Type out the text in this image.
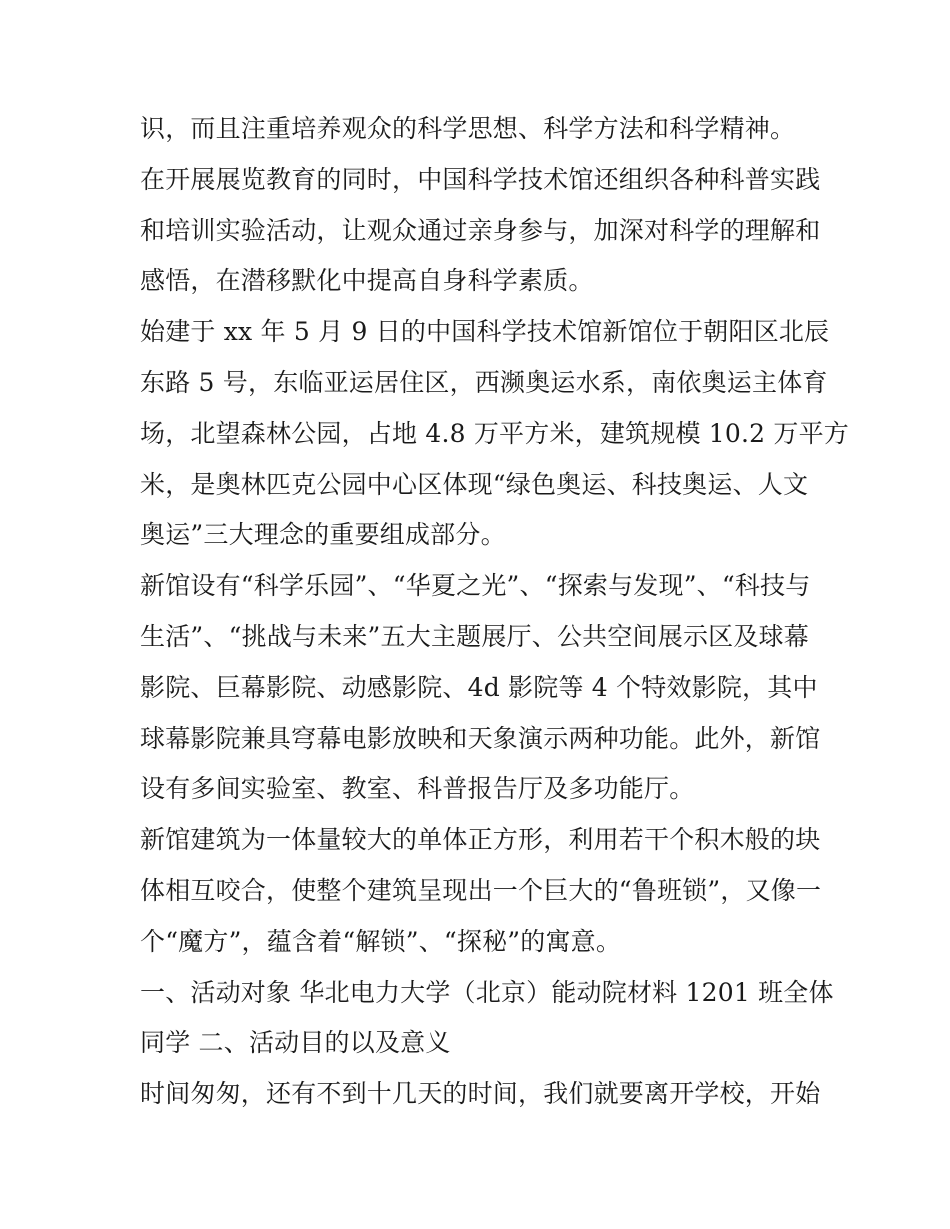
识，而且注重培养观众的科学思想、科学方法和科学精神。
在开展展览教育的同时，中国科学技术馆还组织各种科普实践
和培训实验活动，让观众通过亲身参与，加深对科学的理解和
感悟，在潜移默化中提高自身科学素质。
始建于 xx 年 5 月 9 日的中国科学技术馆新馆位于朝阳区北辰
东路 5 号，东临亚运居住区，西濒奥运水系，南依奥运主体育
场，北望森林公园，占地 4.8 万平方米，建筑规模 10.2 万平方
米，是奥林匹克公园中心区体现“绿色奥运、科技奥运、人文
奥运”三大理念的重要组成部分。
新馆设有“科学乐园”、“华夏之光”、“探索与发现”、“科技与
生活”、“挑战与未来”五大主题展厅、公共空间展示区及球幕
影院、巨幕影院、动感影院、4d 影院等 4 个特效影院，其中
球幕影院兼具穹幕电影放映和天象演示两种功能。此外，新馆
设有多间实验室、教室、科普报告厅及多功能厅。
新馆建筑为一体量较大的单体正方形，利用若干个积木般的块
体相互咬合，使整个建筑呈现出一个巨大的“鲁班锁”，又像一
个“魔方”，蕴含着“解锁”、“探秘”的寓意。
一、活动对象 华北电力大学（北京）能动院材料 1201 班全体
同学 二、活动目的以及意义
时间匆匆，还有不到十几天的时间，我们就要离开学校，开始
